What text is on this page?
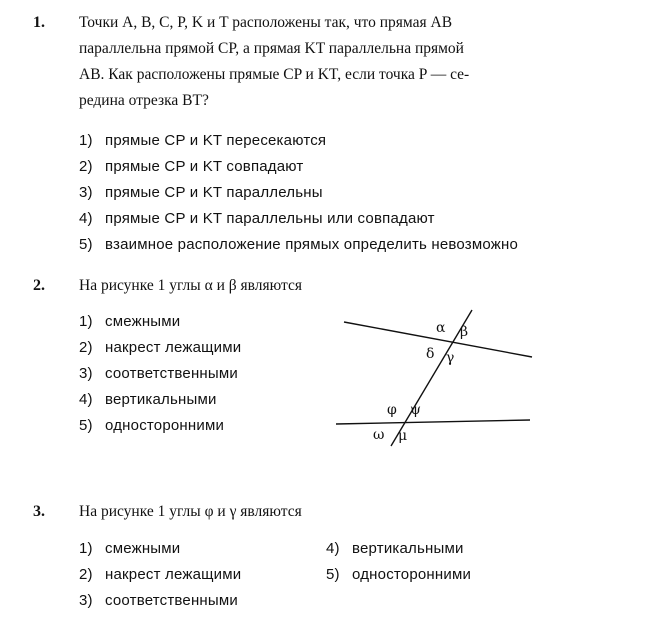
1. Точки A, B, C, P, K и T расположены так, что прямая AB
параллельна прямой CP, а прямая KT параллельна прямой
AB. Как расположены прямые CP и KT, если точка P — се-
редина отрезка BT?
1) прямые CP и KT пересекаются
2) прямые CP и KT совпадают
3) прямые CP и KT параллельны
4) прямые CP и KT параллельны или совпадают
5) взаимное расположение прямых определить невозможно
2. На рисунке 1 углы α и β являются
1) смежными
2) накрест лежащими
3) соответственными
4) вертикальными
5) односторонними
α β
δ γ
φ ψ
ω μ
3. На рисунке 1 углы φ и γ являются
1) смежными
2) накрест лежащими
3) соответственными
4) вертикальными
5) односторонними
